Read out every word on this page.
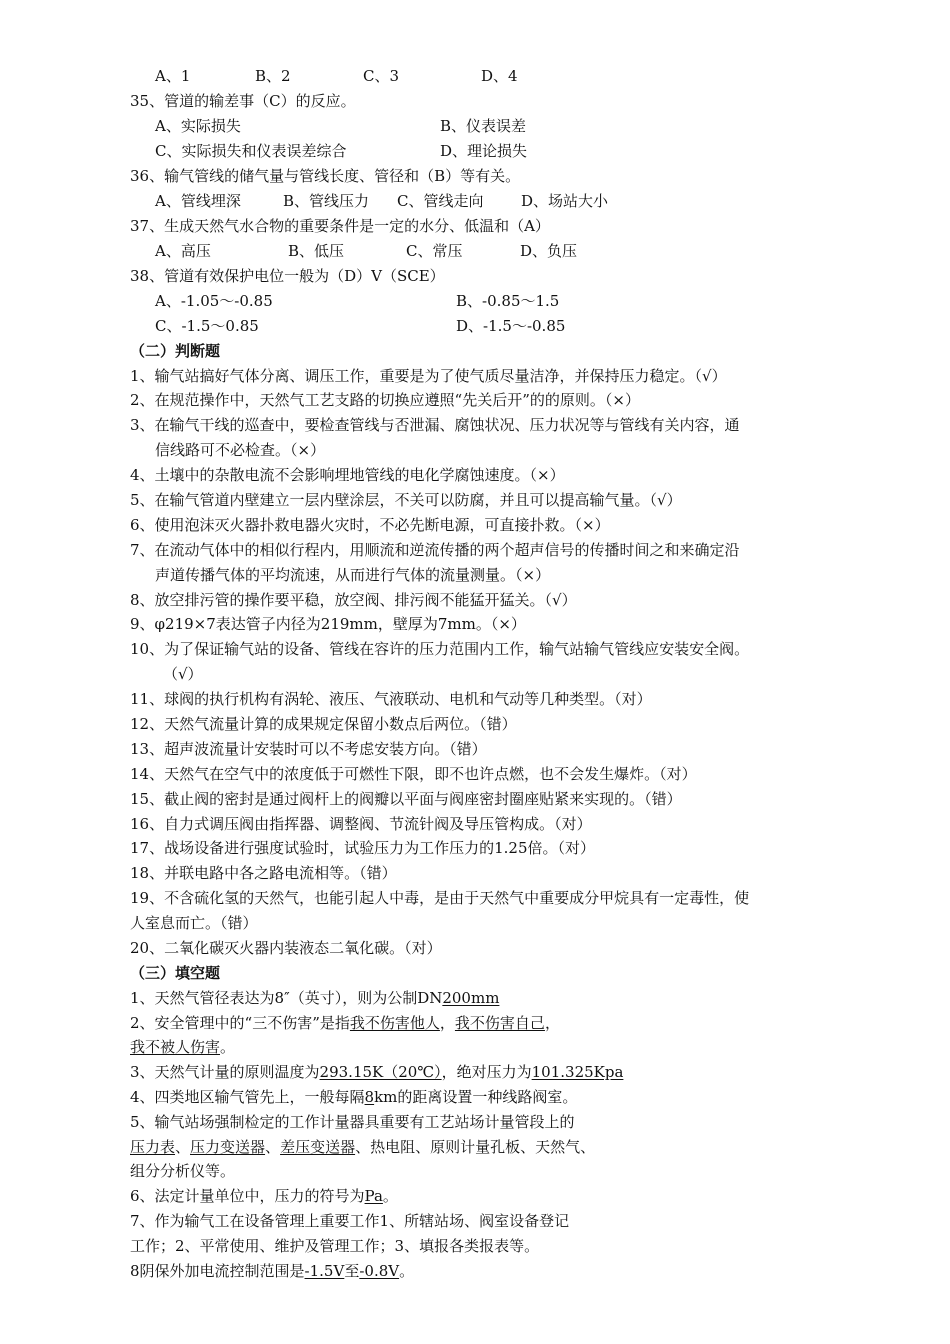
A、1	B、2	C、3	D、4
35、管道的输差事（C）的反应。
A、实际损失	B、仪表误差
C、实际损失和仪表误差综合	D、理论损失
36、输气管线的储气量与管线长度、管径和（B）等有关。
A、管线埋深	B、管线压力 C、管线走向	D、场站大小
37、生成天然气水合物的重要条件是一定的水分、低温和（A）
A、高压	B、低压	C、常压	D、负压
38、管道有效保护电位一般为（D）V（SCE）
A、-1.05～-0.85	B、-0.85～1.5
C、-1.5～0.85	D、-1.5～-0.85
（二）判断题
1、输气站搞好气体分离、调压工作，重要是为了使气质尽量洁净，并保持压力稳定。（√）
2、在规范操作中，天然气工艺支路的切换应遵照“先关后开”的的原则。（×）
3、在输气干线的巡查中，要检查管线与否泄漏、腐蚀状况、压力状况等与管线有关内容，通
信线路可不必检查。（×）
4、土壤中的杂散电流不会影响埋地管线的电化学腐蚀速度。（×）
5、在输气管道内壁建立一层内壁涂层，不关可以防腐，并且可以提高输气量。（√）
6、使用泡沫灭火器扑救电器火灾时，不必先断电源，可直接扑救。（×）
7、在流动气体中的相似行程内，用顺流和逆流传播的两个超声信号的传播时间之和来确定沿
声道传播气体的平均流速，从而进行气体的流量测量。（×）
8、放空排污管的操作要平稳，放空阀、排污阀不能猛开猛关。（√）
9、φ219×7表达管子内径为219mm，壁厚为7mm。（×）
10、为了保证输气站的设备、管线在容许的压力范围内工作，输气站输气管线应安装安全阀。
（√）
11、球阀的执行机构有涡轮、液压、气液联动、电机和气动等几种类型。（对）
12、天然气流量计算的成果规定保留小数点后两位。（错）
13、超声波流量计安装时可以不考虑安装方向。（错）
14、天然气在空气中的浓度低于可燃性下限，即不也许点燃，也不会发生爆炸。（对）
15、截止阀的密封是通过阀杆上的阀瓣以平面与阀座密封圈座贴紧来实现的。（错）
16、自力式调压阀由指挥器、调整阀、节流针阀及导压管构成。（对）
17、战场设备进行强度试验时，试验压力为工作压力的1.25倍。（对）
18、并联电路中各之路电流相等。（错）
19、不含硫化氢的天然气，也能引起人中毒，是由于天然气中重要成分甲烷具有一定毒性，使
人室息而亡。（错）
20、二氧化碳灭火器内装液态二氧化碳。（对）
（三）填空题
1、天然气管径表达为8″（英寸），则为公制DN200mm
2、安全管理中的“三不伤害”是指我不伤害他人，我不伤害自己，
我不被人伤害。
3、天然气计量的原则温度为293.15K（20℃），绝对压力为101.325Kpa
4、四类地区输气管先上，一般每隔8km的距离设置一种线路阀室。
5、输气站场强制检定的工作计量器具重要有工艺站场计量管段上的
压力表、压力变送器、差压变送器、热电阻、原则计量孔板、天然气、
组分分析仪等。
6、法定计量单位中，压力的符号为Pa。
7、作为输气工在设备管理上重要工作1、所辖站场、阀室设备登记
工作；2、平常使用、维护及管理工作；3、填报各类报表等。
8阴保外加电流控制范围是-1.5V至-0.8V。
